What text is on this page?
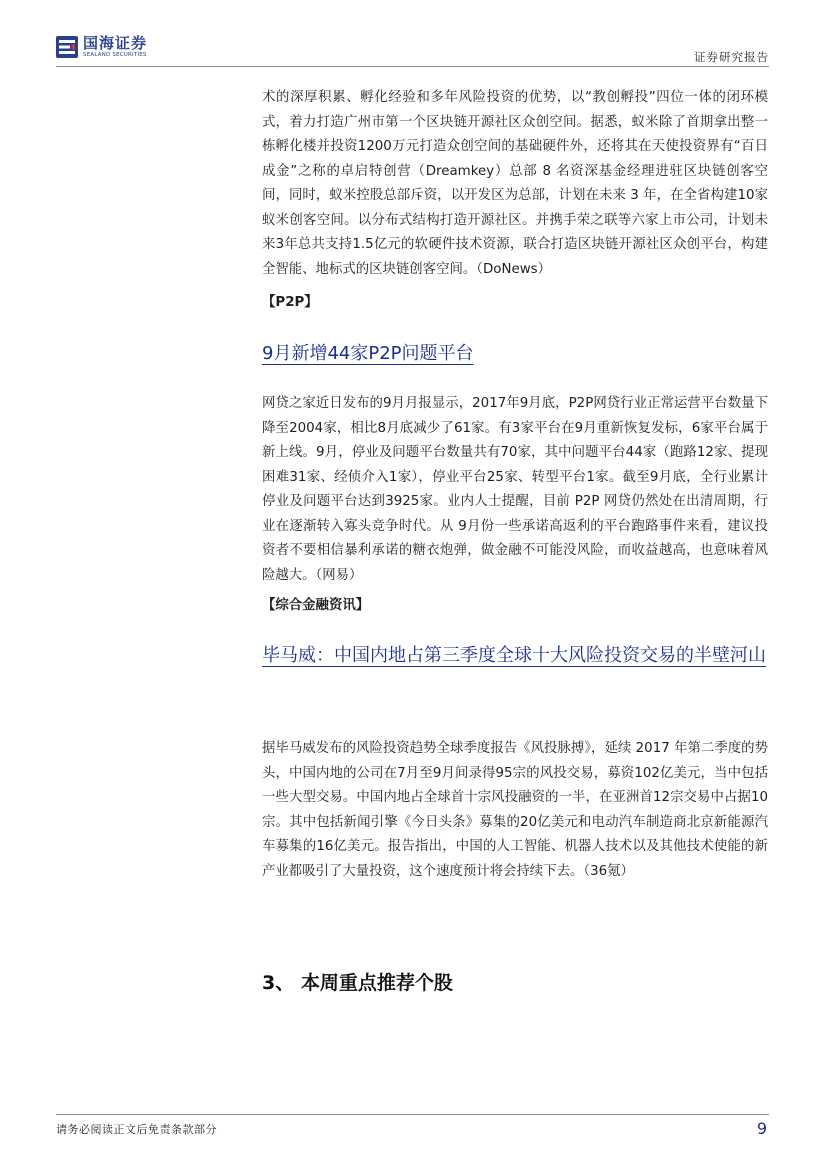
国海证券
SEALAND SECURITIES	证券研究报告

术的深厚积累、孵化经验和多年风险投资的优势，以“教创孵投”四位一体的闭环模式，着力打造广州市第一个区块链开源社区众创空间。据悉，蚁米除了首期拿出整一栋孵化楼并投资1200万元打造众创空间的基础硬件外，还将其在天使投资界有“百日成金”之称的卓启特创营（Dreamkey）总部 8 名资深基金经理进驻区块链创客空间，同时，蚁米控股总部斥资，以开发区为总部，计划在未来 3 年，在全省构建10家蚁米创客空间。以分布式结构打造开源社区。并携手荣之联等六家上市公司，计划未来3年总共支持1.5亿元的软硬件技术资源，联合打造区块链开源社区众创平台，构建全智能、地标式的区块链创客空间。（DoNews）

【P2P】
9月新增44家P2P问题平台

网贷之家近日发布的9月月报显示，2017年9月底，P2P网贷行业正常运营平台数量下降至2004家，相比8月底减少了61家。有3家平台在9月重新恢复发标，6家平台属于新上线。9月，停业及问题平台数量共有70家，其中问题平台44家（跑路12家、提现困难31家、经侦介入1家），停业平台25家、转型平台1家。截至9月底，全行业累计停业及问题平台达到3925家。业内人士提醒，目前 P2P 网贷仍然处在出清周期，行业在逐渐转入寡头竞争时代。从 9月份一些承诺高返利的平台跑路事件来看，建议投资者不要相信暴利承诺的糖衣炮弹，做金融不可能没风险，而收益越高，也意味着风险越大。（网易）

【综合金融资讯】
毕马威：中国内地占第三季度全球十大风险投资交易的半壁河山

据毕马威发布的风险投资趋势全球季度报告《风投脉搏》，延续 2017 年第二季度的势头，中国内地的公司在7月至9月间录得95宗的风投交易，募资102亿美元，当中包括一些大型交易。中国内地占全球首十宗风投融资的一半，在亚洲首12宗交易中占据10宗。其中包括新闻引擎《今日头条》募集的20亿美元和电动汽车制造商北京新能源汽车募集的16亿美元。报告指出，中国的人工智能、机器人技术以及其他技术使能的新产业都吸引了大量投资，这个速度预计将会持续下去。（36氪）

3、 本周重点推荐个股
请务必阅读正文后免责条款部分	9
